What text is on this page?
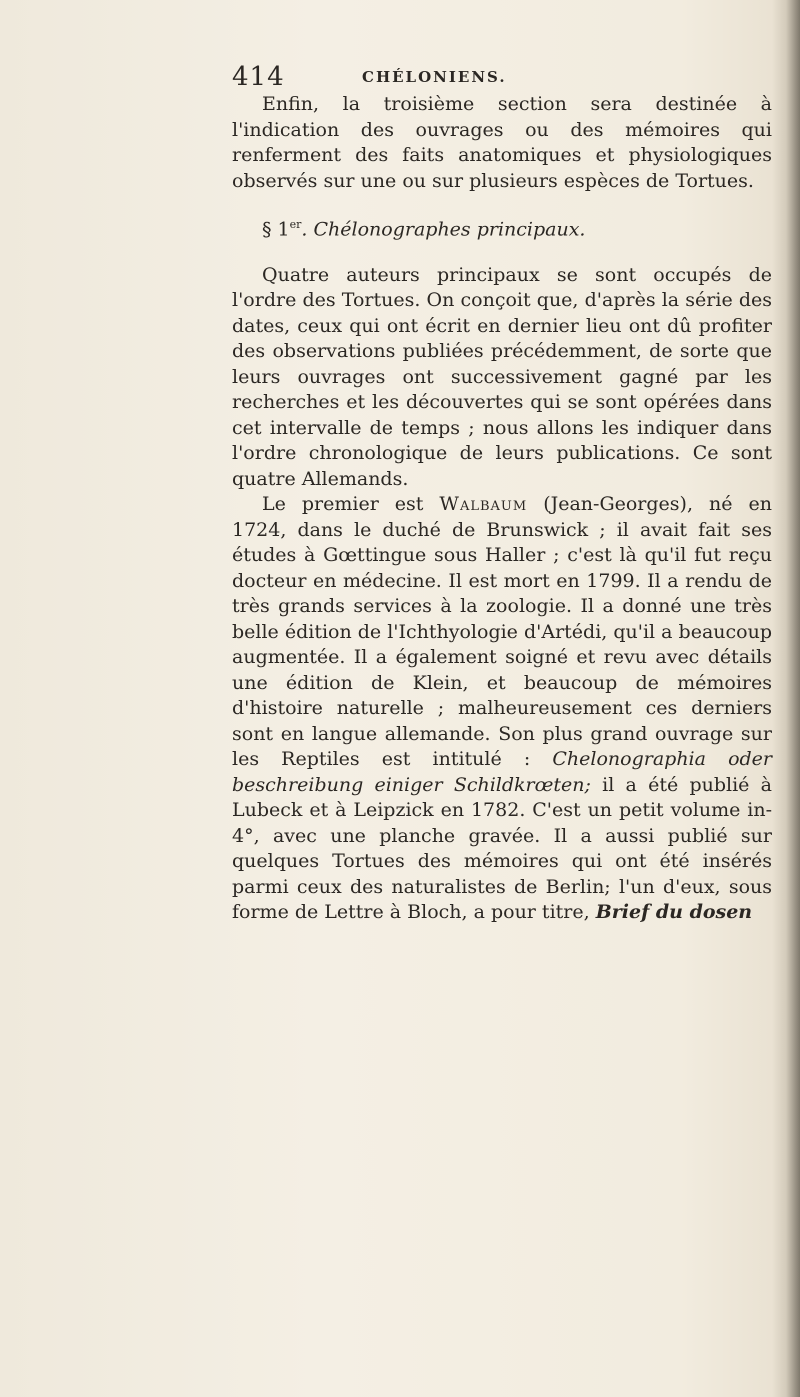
414	CHÉLONIENS.

Enfin, la troisième section sera destinée à l'indication des ouvrages ou des mémoires qui renferment des faits anatomiques et physiologiques observés sur une ou sur plusieurs espèces de Tortues.

§ 1er. Chélonographes principaux.

Quatre auteurs principaux se sont occupés de l'ordre des Tortues. On conçoit que, d'après la série des dates, ceux qui ont écrit en dernier lieu ont dû profiter des observations publiées précédemment, de sorte que leurs ouvrages ont successivement gagné par les recherches et les découvertes qui se sont opérées dans cet intervalle de temps ; nous allons les indiquer dans l'ordre chronologique de leurs publications. Ce sont quatre Allemands.

Le premier est Walbaum (Jean-Georges), né en 1724, dans le duché de Brunswick ; il avait fait ses études à Gœttingue sous Haller ; c'est là qu'il fut reçu docteur en médecine. Il est mort en 1799. Il a rendu de très grands services à la zoologie. Il a donné une très belle édition de l'Ichthyologie d'Artédi, qu'il a beaucoup augmentée. Il a également soigné et revu avec détails une édition de Klein, et beaucoup de mémoires d'histoire naturelle ; malheureusement ces derniers sont en langue allemande. Son plus grand ouvrage sur les Reptiles est intitulé : Chelonographia oder beschreibung einiger Schildkrœten; il a été publié à Lubeck et à Leipzick en 1782. C'est un petit volume in-4°, avec une planche gravée. Il a aussi publié sur quelques Tortues des mémoires qui ont été insérés parmi ceux des naturalistes de Berlin; l'un d'eux, sous forme de Lettre à Bloch, a pour titre, Brief du dosen
